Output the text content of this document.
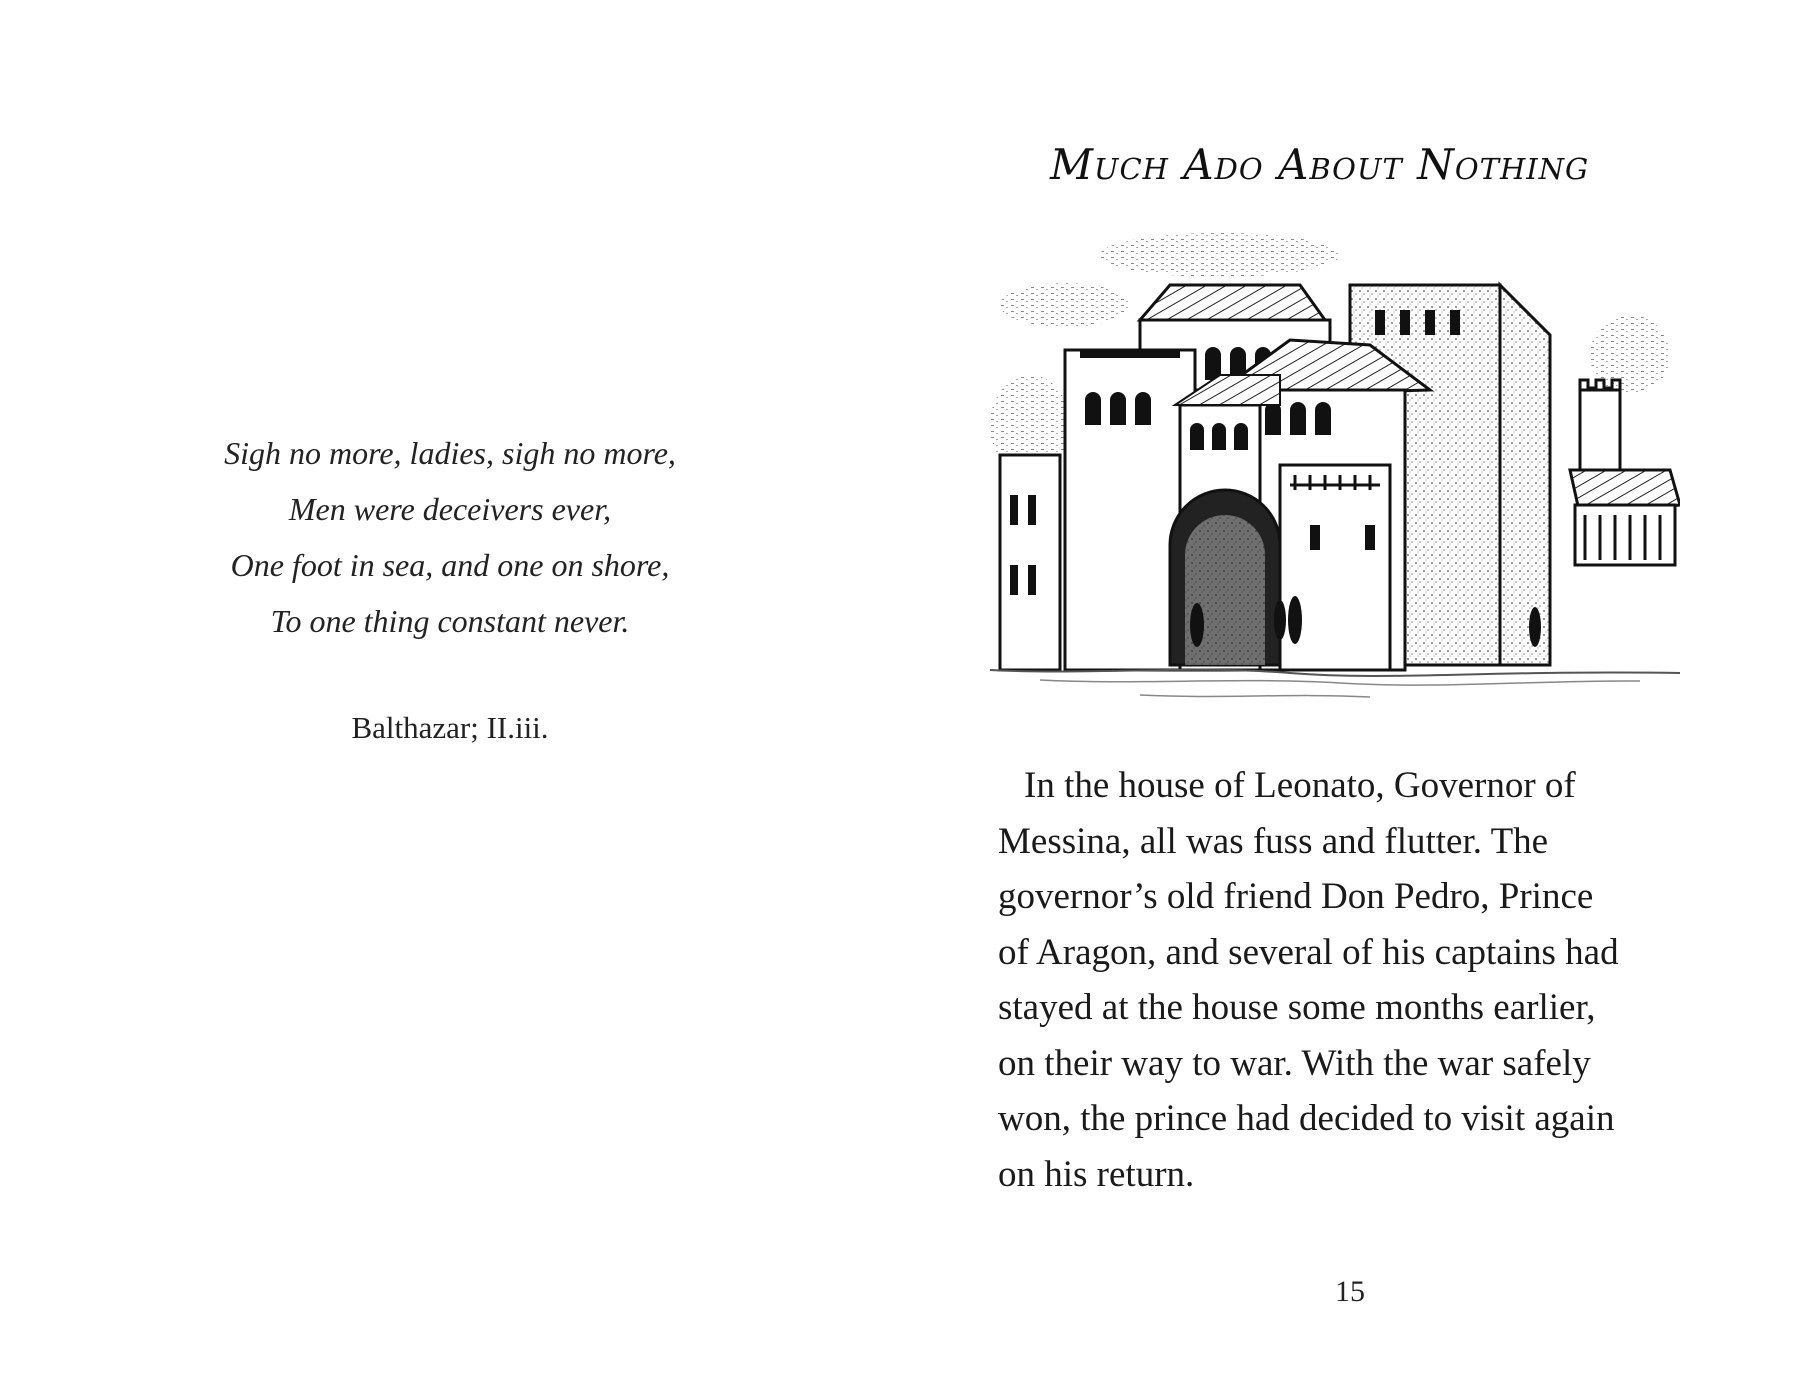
Sigh no more, ladies, sigh no more,
Men were deceivers ever,
One foot in sea, and one on shore,
To one thing constant never.
Balthazar; II.iii.
Much Ado About Nothing
In the house of Leonato, Governor of
Messina, all was fuss and flutter. The
governor’s old friend Don Pedro, Prince
of Aragon, and several of his captains had
stayed at the house some months earlier,
on their way to war. With the war safely
won, the prince had decided to visit again
on his return.
15
